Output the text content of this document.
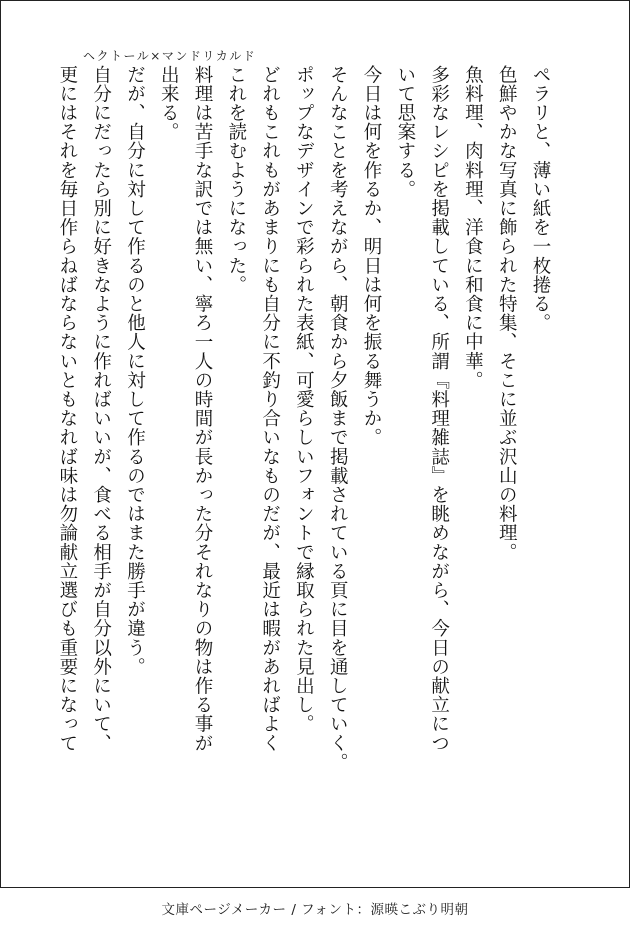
ヘクトール×マンドリカルド

ペラリと、薄い紙を一枚捲る。

色鮮やかな写真に飾られた特集、そこに並ぶ沢山の料理。

魚料理、肉料理、洋食に和食に中華。

多彩なレシピを掲載している、所謂『料理雑誌』を眺めながら、今日の献立につ

いて思案する。

今日は何を作るか、明日は何を振る舞うか。

そんなことを考えながら、朝食から夕飯まで掲載されている頁に目を通していく。

ポップなデザインで彩られた表紙、可愛らしいフォントで縁取られた見出し。

どれもこれもがあまりにも自分に不釣り合いなものだが、最近は暇があればよく

これを読むようになった。

料理は苦手な訳では無い、寧ろ一人の時間が長かった分それなりの物は作る事が

出来る。

だが、自分に対して作るのと他人に対して作るのではまた勝手が違う。

自分にだったら別に好きなように作ればいいが、食べる相手が自分以外にいて、

更にはそれを毎日作らねばならないともなれば味は勿論献立選びも重要になって

文庫ページメーカー / フォント：源暎こぶり明朝
